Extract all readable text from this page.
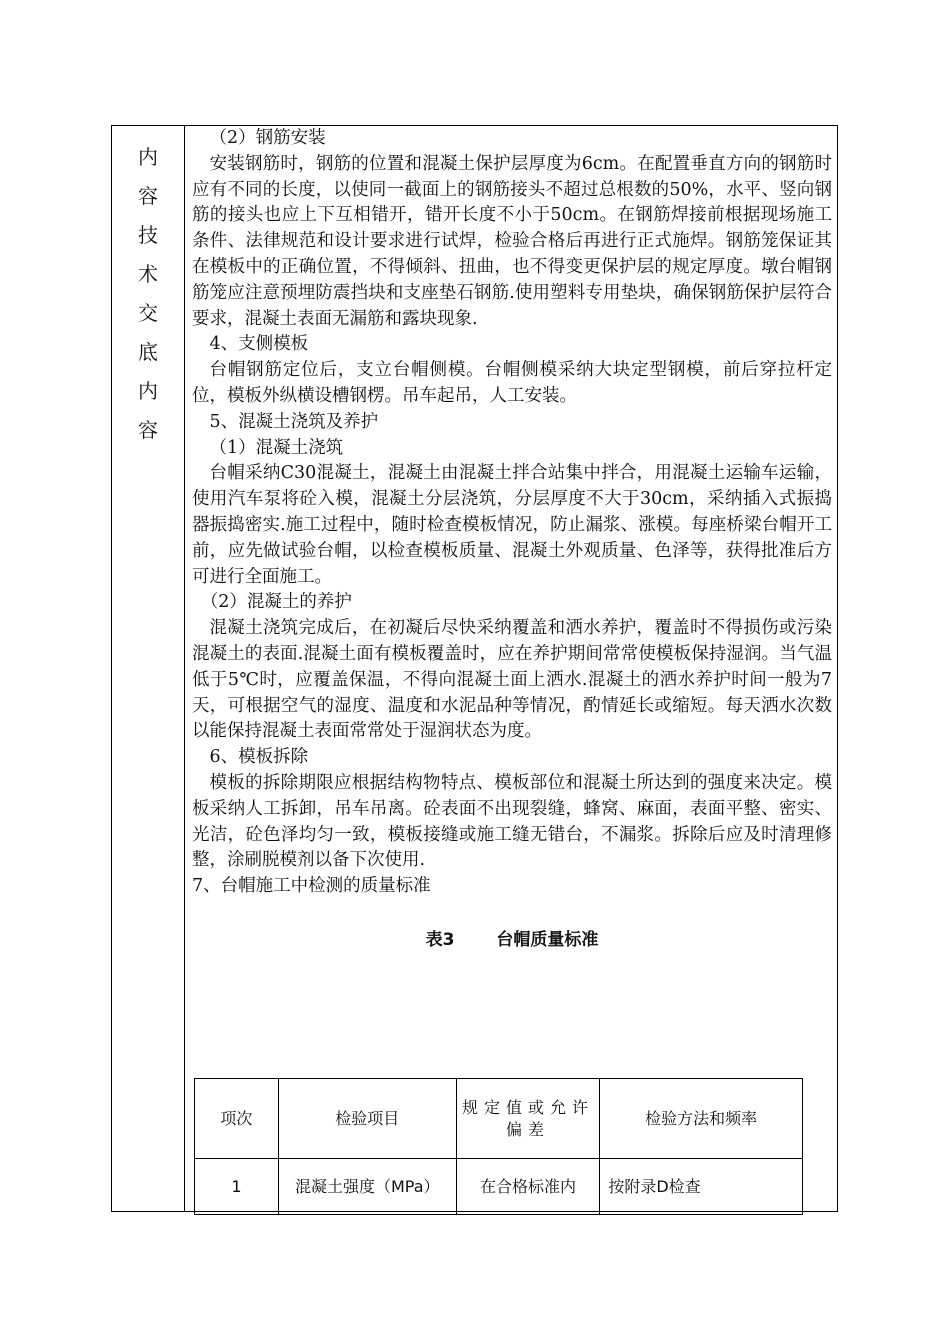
内
容
技
术
交
底
内
容

（2）钢筋安装

安装钢筋时，钢筋的位置和混凝土保护层厚度为6cm。在配置垂直方向的钢筋时应有不同的长度，以使同一截面上的钢筋接头不超过总根数的50%，水平、竖向钢筋的接头也应上下互相错开，错开长度不小于50cm。在钢筋焊接前根据现场施工条件、法律规范和设计要求进行试焊，检验合格后再进行正式施焊。钢筋笼保证其在模板中的正确位置，不得倾斜、扭曲，也不得变更保护层的规定厚度。墩台帽钢筋笼应注意预埋防震挡块和支座垫石钢筋.使用塑料专用垫块，确保钢筋保护层符合要求，混凝土表面无漏筋和露块现象.

4、支侧模板

台帽钢筋定位后，支立台帽侧模。台帽侧模采纳大块定型钢模，前后穿拉杆定位，模板外纵横设槽钢楞。吊车起吊，人工安装。

5、混凝土浇筑及养护

（1）混凝土浇筑

台帽采纳C30混凝土，混凝土由混凝土拌合站集中拌合，用混凝土运输车运输，使用汽车泵将砼入模，混凝土分层浇筑，分层厚度不大于30cm，采纳插入式振捣器振捣密实.施工过程中，随时检查模板情况，防止漏浆、涨模。每座桥梁台帽开工前，应先做试验台帽，以检查模板质量、混凝土外观质量、色泽等，获得批准后方可进行全面施工。

（2）混凝土的养护

混凝土浇筑完成后，在初凝后尽快采纳覆盖和洒水养护，覆盖时不得损伤或污染混凝土的表面.混凝土面有模板覆盖时，应在养护期间常常使模板保持湿润。当气温低于5℃时，应覆盖保温，不得向混凝土面上洒水.混凝土的洒水养护时间一般为7天，可根据空气的湿度、温度和水泥品种等情况，酌情延长或缩短。每天洒水次数以能保持混凝土表面常常处于湿润状态为度。

6、模板拆除

模板的拆除期限应根据结构物特点、模板部位和混凝土所达到的强度来决定。模板采纳人工拆卸，吊车吊离。砼表面不出现裂缝，蜂窝、麻面，表面平整、密实、光洁，砼色泽均匀一致，模板接缝或施工缝无错台，不漏浆。拆除后应及时清理修整，涂刷脱模剂以备下次使用.

7、台帽施工中检测的质量标准

表3 台帽质量标准
项次	检验项目	规定值或允许偏差	检验方法和频率
1	混凝土强度（MPa）	在合格标准内	按附录D检查
